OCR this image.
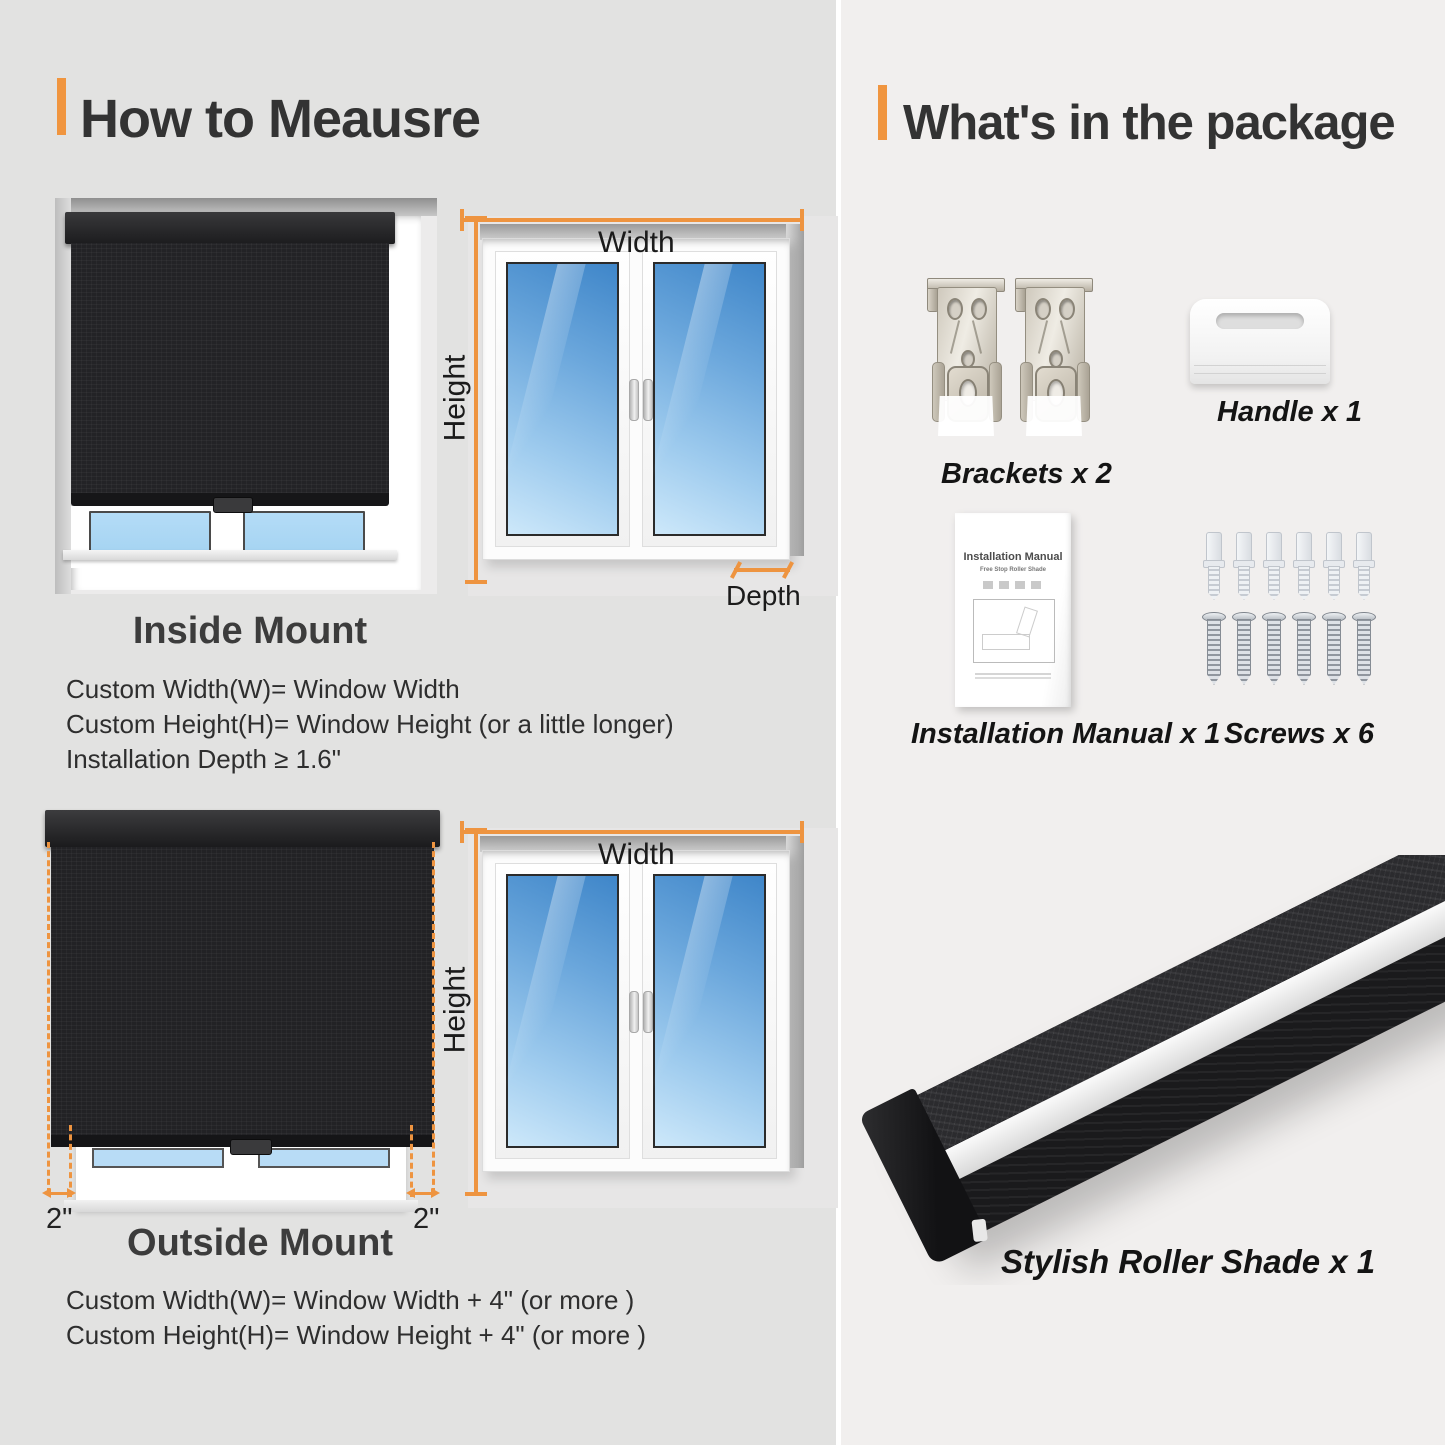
How to Meausre
Width
Height
Depth
Inside Mount
Custom Width(W)= Window Width
Custom Height(H)= Window Height (or a little longer)
Installation Depth ≥ 1.6"
2"	2"
Width
Height
Outside Mount
Custom Width(W)= Window Width + 4" (or more )
Custom Height(H)= Window Height + 4" (or more )
What's in the package
Brackets x 2
Handle x 1
Installation Manual
Free Stop Roller Shade
Installation Manual x 1 Screws x 6
Stylish Roller Shade x 1
